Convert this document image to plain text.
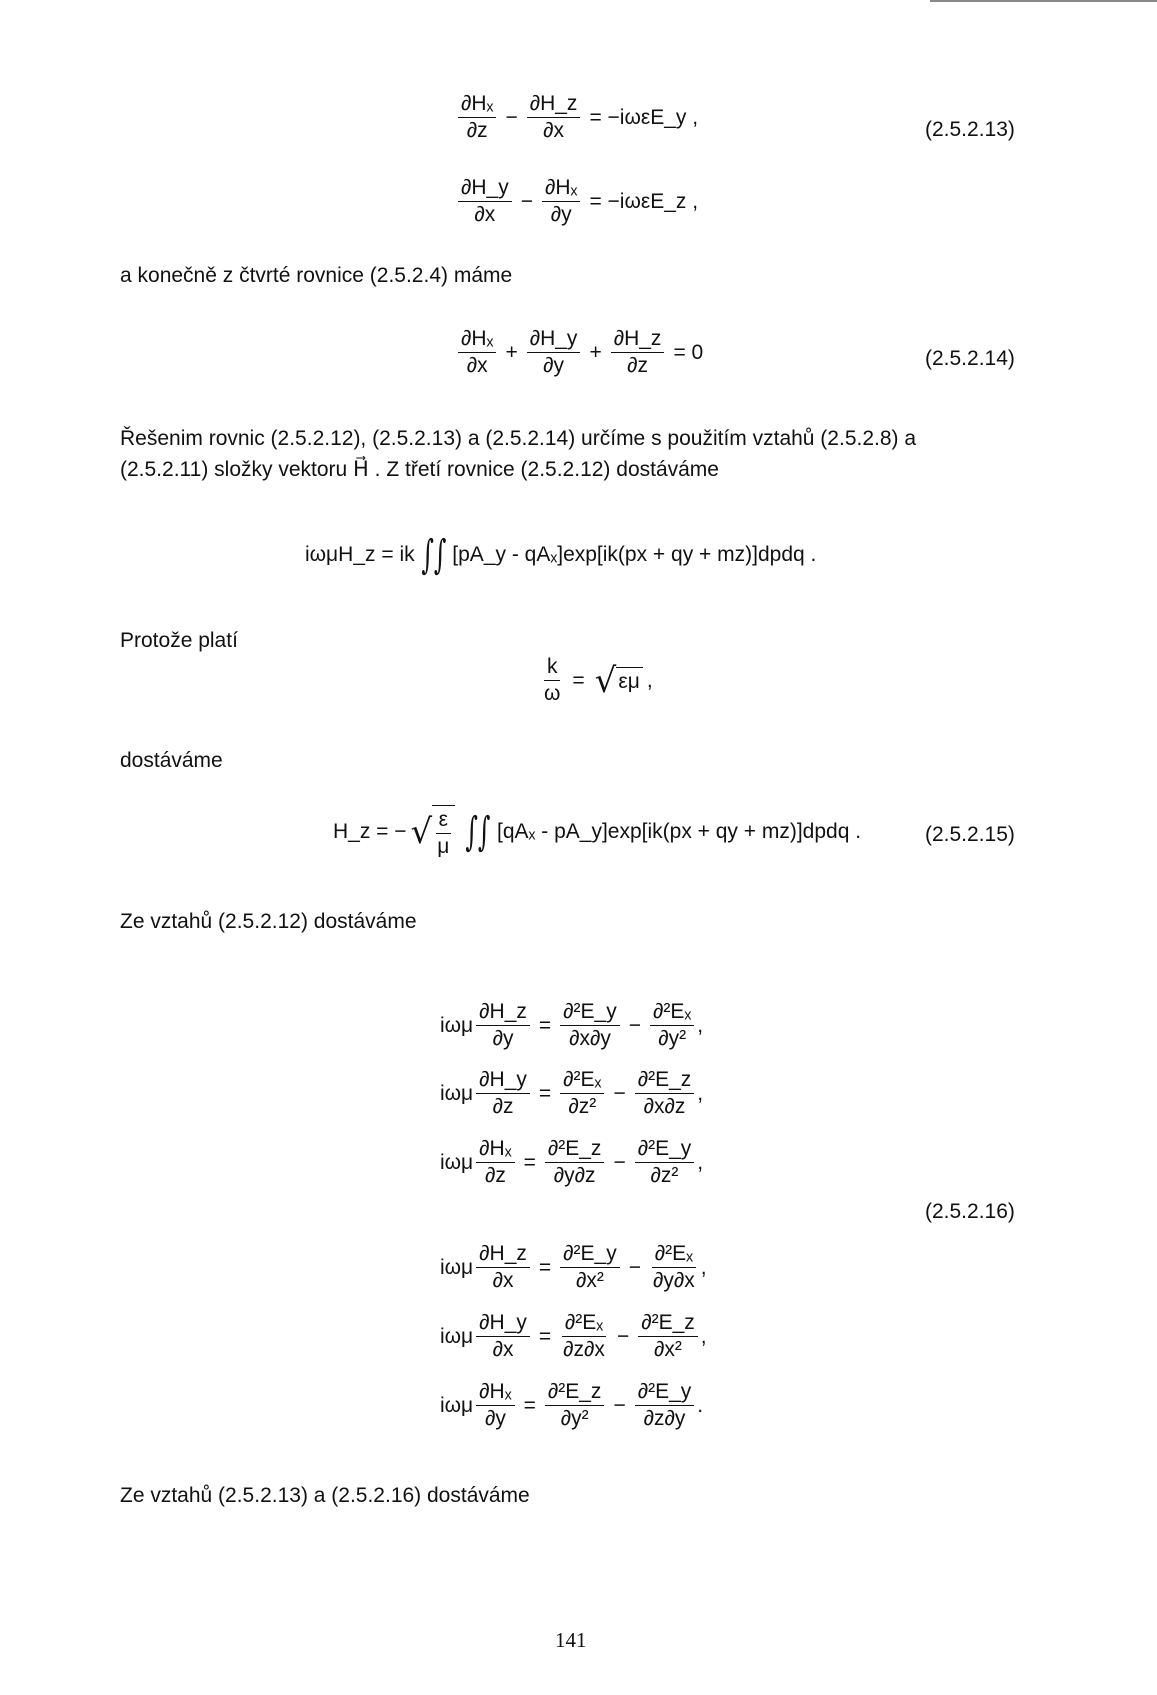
$\frac{\text{∂Hₓ}}{\partial z} - \frac{\partial H\_z}{\partial x}$ = −iωεE_y ,
$\frac{\partial H\_y}{\partial x} - \frac{\text{∂Hₓ}}{\partial y}$ = −iωεE_z ,
(2.5.2.13)
a konečně z čtvrté rovnice (2.5.2.4) máme
$\frac{\text{∂Hₓ}}{\partial x} + \frac{\partial H\_y}{\partial y} + \frac{\partial H\_z}{\partial z} = 0$	(2.5.2.14)
Řešenim rovnic (2.5.2.12), (2.5.2.13) a (2.5.2.14) určíme s použitím vztahů (2.5.2.8) a
(2.5.2.11) složky vektoru H⃗ . Z třetí rovnice (2.5.2.12) dostáváme
iωμH_z = ik ∫∫ [pA_y - qAₓ]exp[ik(px + qy + mz)]dpdq .
Protože platí
$\frac{k}{\omega}$ = √ εμ ,
dostáváme
H_z = − √ $\frac{\varepsilon}{\mu}$ ∫∫ [qAₓ - pA_y]exp[ik(px + qy + mz)]dpdq .	(2.5.2.15)
Ze vztahů (2.5.2.12) dostáváme
iωμ $\frac{\partial H\_z}{\partial y} = \frac{\text{∂²E\_y}}{\partial x\partial y} - \frac{\text{∂²Eₓ}}{\text{∂y²}}$ ,
iωμ $\frac{\partial H\_y}{\partial z} = \frac{\text{∂²Eₓ}}{\text{∂z²}} - \frac{\text{∂²E\_z}}{\partial x\partial z}$ ,
iωμ $\frac{\text{∂Hₓ}}{\partial z} = \frac{\text{∂²E\_z}}{\partial y\partial z} - \frac{\text{∂²E\_y}}{\text{∂z²}}$ ,
iωμ $\frac{\partial H\_z}{\partial x} = \frac{\text{∂²E\_y}}{\text{∂x²}} - \frac{\text{∂²Eₓ}}{\partial y\partial x}$ ,
iωμ $\frac{\partial H\_y}{\partial x} = \frac{\text{∂²Eₓ}}{\partial z\partial x} - \frac{\text{∂²E\_z}}{\text{∂x²}}$ ,
iωμ $\frac{\text{∂Hₓ}}{\partial y} = \frac{\text{∂²E\_z}}{\text{∂y²}} - \frac{\text{∂²E\_y}}{\partial z\partial y}$ .
(2.5.2.16)
Ze vztahů (2.5.2.13) a (2.5.2.16) dostáváme
141
